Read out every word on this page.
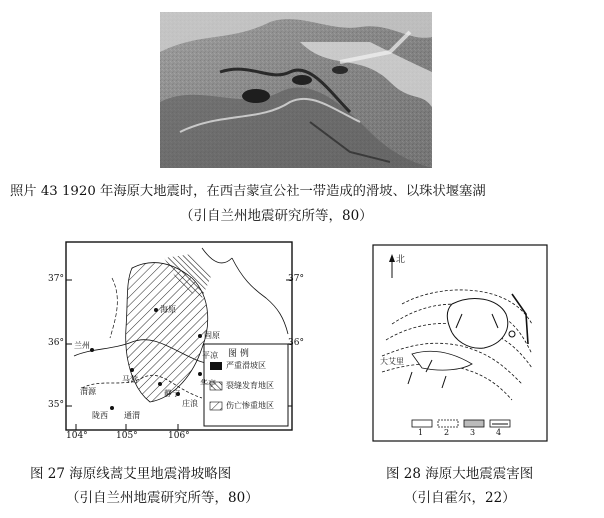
照片 43 1920 年海原大地震时，在西吉蒙宣公社一带造成的滑坡、以珠状堰塞湖
（引自兰州地震研究所等，80）
37°
36°
35°
37°
36°
104°	105°	106°
海原
兰州
固原
渭源
陇西 通渭
静宁
庄浪
华亭
马营
平凉 图 例
严重滑坡区
裂缝发育地区
伤亡惨重地区
图 27 海原线蒿艾里地震滑坡略图
（引自兰州地震研究所等，80）
北
大艾里
1	2	3	4
图 28 海原大地震震害图
（引自霍尔，22）
